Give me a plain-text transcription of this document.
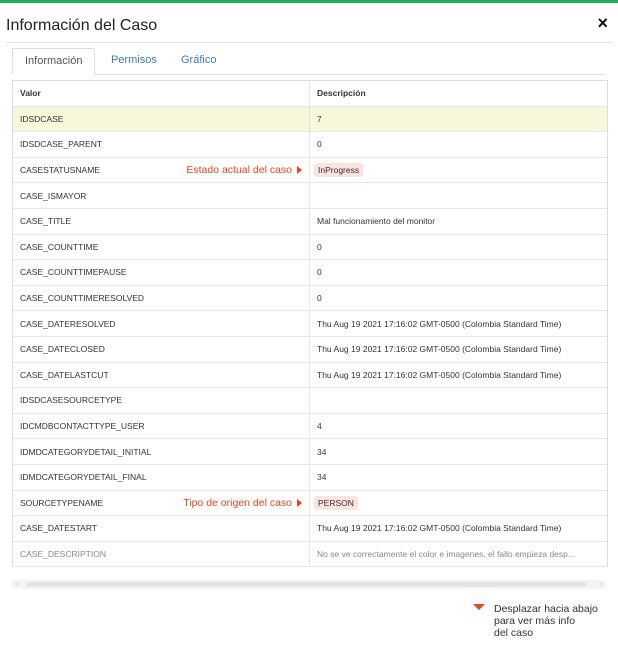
Información del Caso	×
Información	Permisos	Gráfico
Valor	Descripción
IDSDCASE	7
IDSDCASE_PARENT	0
CASESTATUSNAME	Estado actual del caso	InProgress
CASE_ISMAYOR
CASE_TITLE	Mal funcionamiento del monitor
CASE_COUNTTIME	0
CASE_COUNTTIMEPAUSE	0
CASE_COUNTTIMERESOLVED	0
CASE_DATERESOLVED	Thu Aug 19 2021 17:16:02 GMT-0500 (Colombia Standard Time)
CASE_DATECLOSED	Thu Aug 19 2021 17:16:02 GMT-0500 (Colombia Standard Time)
CASE_DATELASTCUT	Thu Aug 19 2021 17:16:02 GMT-0500 (Colombia Standard Time)
IDSDCASESOURCETYPE
IDCMDBCONTACTTYPE_USER	4
IDMDCATEGORYDETAIL_INITIAL	34
IDMDCATEGORYDETAIL_FINAL	34
SOURCETYPENAME	Tipo de origen del caso	PERSON
CASE_DATESTART	Thu Aug 19 2021 17:16:02 GMT-0500 (Colombia Standard Time)
CASE_DESCRIPTION	No se ve correctamente el color e imagenes, el fallo empieza desp...
‹	›
Desplazar hacia abajo
para ver más info
del caso
